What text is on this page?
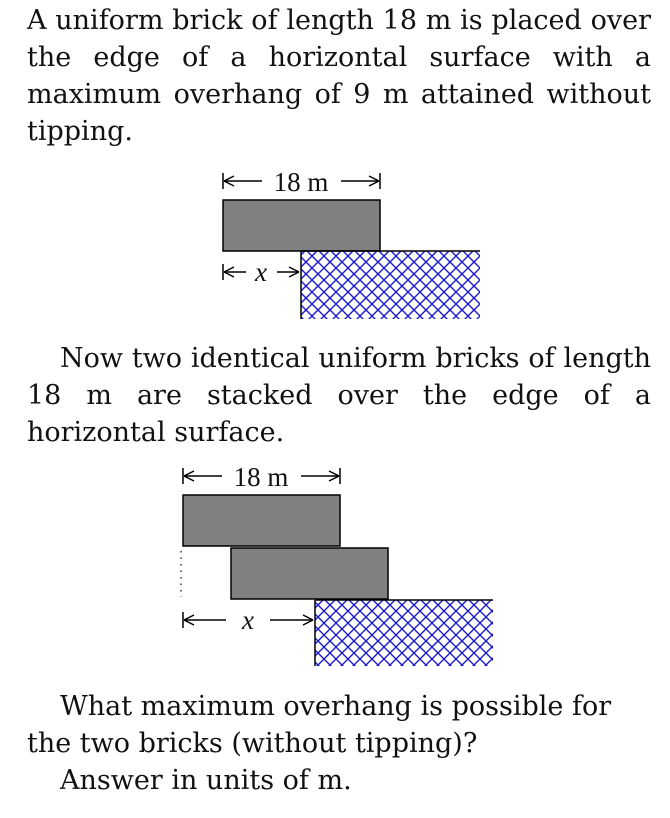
A uniform brick of length 18 m is placed over the edge of a horizontal surface with a maximum overhang of 9 m attained without tipping.

18 m
x

Now two identical uniform bricks of length 18 m are stacked over the edge of a horizontal surface.

18 m
x

What maximum overhang is possible for the two bricks (without tipping)?

Answer in units of m.
